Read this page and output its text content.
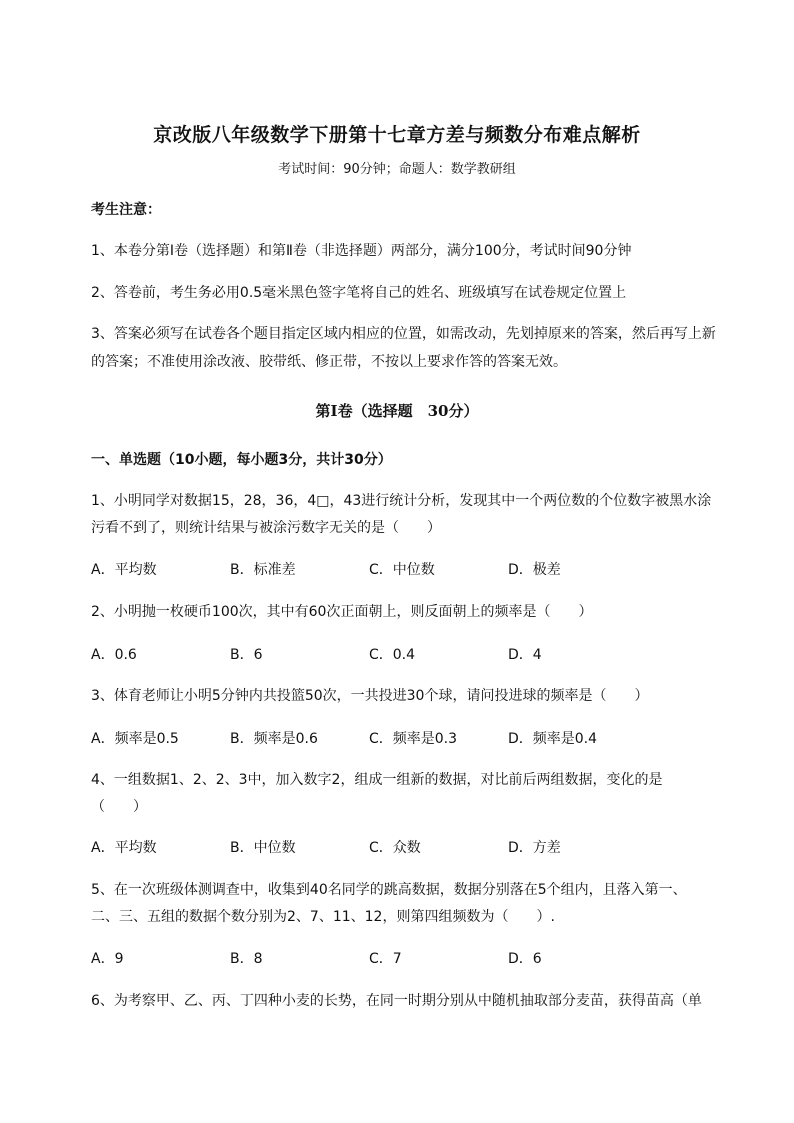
京改版八年级数学下册第十七章方差与频数分布难点解析
考试时间：90分钟；命题人：数学教研组
考生注意：
1、本卷分第I卷（选择题）和第Ⅱ卷（非选择题）两部分，满分100分，考试时间90分钟
2、答卷前，考生务必用0.5毫米黑色签字笔将自己的姓名、班级填写在试卷规定位置上
3、答案必须写在试卷各个题目指定区域内相应的位置，如需改动，先划掉原来的答案，然后再写上新
的答案；不准使用涂改液、胶带纸、修正带，不按以上要求作答的答案无效。
第I卷（选择题　30分）
一、单选题（10小题，每小题3分，共计30分）
1、小明同学对数据15，28，36，4□，43进行统计分析，发现其中一个两位数的个位数字被黑水涂
污看不到了，则统计结果与被涂污数字无关的是（　　）
A．平均数	B．标准差	C．中位数	D．极差
2、小明抛一枚硬币100次，其中有60次正面朝上，则反面朝上的频率是（　　）
A．0.6	B．6	C．0.4	D．4
3、体育老师让小明5分钟内共投篮50次，一共投进30个球，请问投进球的频率是（　　）
A．频率是0.5	B．频率是0.6	C．频率是0.3	D．频率是0.4
4、一组数据1、2、2、3中，加入数字2，组成一组新的数据，对比前后两组数据，变化的是
（　　）
A．平均数	B．中位数	C．众数	D．方差
5、在一次班级体测调查中，收集到40名同学的跳高数据，数据分别落在5个组内，且落入第一、
二、三、五组的数据个数分别为2、7、11、12，则第四组频数为（　　）.
A．9	B．8	C．7	D．6
6、为考察甲、乙、丙、丁四种小麦的长势，在同一时期分别从中随机抽取部分麦苗，获得苗高（单
